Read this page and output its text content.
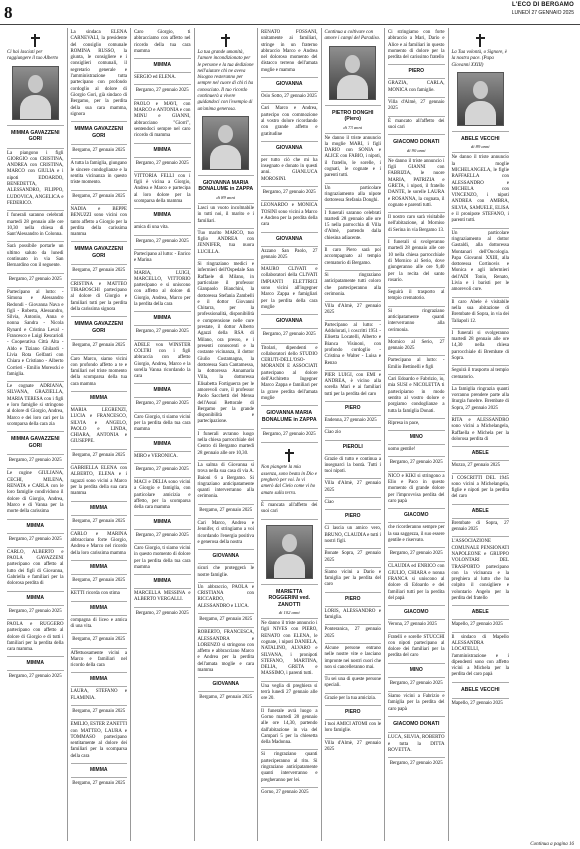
8	L'ECO DI BERGAMO
LUNEDÌ 27 GENNAIO 2025

Ci hai lasciati per raggiungere il tuo Alberto

MIMMA GAVAZZENI GORI

La piangono i figli GIORGIO con CRISTINA, ANDREA con CRISTINA, MARCO con GIULIA e i nipoti EDOARDO, BENEDETTA, ALESSANDRO, FILIPPO, LUDOVICA, ANGELICA e FEDERICO.

I funerali saranno celebrati martedì 28 gennaio alle ore 10,30 nella chiesa di Sant'Alessandro in Colonna.

Sarà possibile portarle un ultimo saluto da lunedì continuato in via San Bernardino con il seguente.

Bergamo, 27 gennaio 2025

Partecipano al lutto: - Simona e Alessandro Redondi - Giovanna Nava e figli - Roberta, Alessandro, Silvia, Antonio, Anna e nonna Sandra - Nicola Rynard e Cristina Leval - Francesco e Luigi Rescarioli - Cooperativa Città Alta - Aldo e Tiziano Ghilardi - Livia Rota Gelfanti con Chiara e Cristiano - Alberto Corrieri - Emilio Morescki e famiglia.

Le cognate ADRIANA, SILVANA, GRAZIELLA, MARIA TERESA con i figli e loro famiglie si stringono al dolore di Giorgio, Andrea, Marco e dei loro cari per la scomparsa della cara zia

MIMMA GAVAZZENI GORI
Bergamo, 27 gennaio 2025

Le cugine GIULIANA, CECHI, MILENA, RENATA e CARLA con le loro famiglie condividono il dolore di Giorgio, Andrea, Marco e di Vanna per la morte della carissima

MIMMA
Bergamo, 27 gennaio 2025

CARLO, ALBERTO e PAOLA GAVAZZENI partecipano con affetto al lutto dei figli di Giovanna, Gabriella e familiari per la dolorosa perdita di

MIMMA
Bergamo, 27 gennaio 2025

PAOLA e RUGGERO partecipano con affetto al dolore di Giorgio e di tutti i familiari per la perdita della cara mamma.

MIMMA
Bergamo, 27 gennaio 2025

La sindaca ELENA CARNEVALI, la presidente del consiglio comunale ROMINA RUSSO, la giunta, le consigliere e i consiglieri comunali, il segretario generale e l'amministrazione tutta partecipano con profondo cordoglio al dolore di Giorgio Gori, già sindaco di Bergamo, per la perdita della sua cara mamma, signora

MIMMA GAVAZZENI GORI
Bergamo, 27 gennaio 2025

A tutta la famiglia, giungano le sincere condoglianze e la sentita vicinanza in questo triste momento.

Bergamo, 27 gennaio 2025

NADIA e BEPPE BENUZZI sono vicini con tanto affetto a Giorgio per la perdita della carissima mamma

MIMMA GAVAZZENI GORI
Bergamo, 27 gennaio 2025

CRISTINA e MATTEO TIRABOSCHI partecipano al dolore di Giorgio e familiari tutti per la perdita della carissima signora

MIMMA GAVAZZENI GORI
Bergamo, 27 gennaio 2025

Caro Marco, siamo vicini con profondo affetto a te e familiari nel triste momento della scomparsa della tua cara mamma

MIMMA

MARIA LEGRENZI, LUCIA e FRANCESCO, SILVIA e ANGELO, PAOLO e LINDA, CHIARA, ANTONIA e GIUSEPPE.

Bergamo, 27 gennaio 2025

GABRIELLA ELENA con ALBERTO, ELENA e i ragazzi sono vicini a Marco per la perdita della sua cara mamma

MIMMA
Bergamo, 27 gennaio 2025

CARLO e MARINA abbracciano forte Giorgio, Andrea e Marco nel ricordo della loro carissima mamma

MIMMA
Bergamo, 27 gennaio 2025

KETTI ricorda con stima

MIMMA

compagna di liceo e amica di una vita.

Bergamo, 27 gennaio 2025

Affettuosamente vicini a Marco e familiari nel ricordo della cara

MIMMA

LAURA, STEFANO e FLAMINIA.

Bergamo, 27 gennaio 2025

EMILIO, ESTER ZANETTI con MATTEO, LAURA e TOMMASO partecipano sentitamente al dolore dei familiari per la scomparsa della cara

MIMMA
Bergamo, 27 gennaio 2025

Caro Giorgio, ti abbracciamo con affetto nel ricordo della tua cara mamma

MIMMA

SERGIO ed ELENA.

Bergamo, 27 gennaio 2025

PAOLO e MAVI, con MARCO e ANTONIA e con MINU e GIANNI, abbracciano "Giorri", sentendoci sempre nel caro ricordo di mamma

MIMMA
Bergamo, 27 gennaio 2025

VITTORIA FELLI con i figli è vicina a Giorgio, Andrea e Marco e partecipa al loro dolore per la scomparsa della mamma

MIMMA

amica di una vita.

Bergamo, 27 gennaio 2025

Partecipano al lutto: - Enrico e Marina

MARIA, LUIGI, MARCELLO, VITTORIO partecipano e si uniscono con affetto al dolore di Giorgio, Andrea, Marco per la perdita della cara

MIMMA
Bergamo, 27 gennaio 2025

ADELE von WINSTER COLTRI con i figli abbraccia con affetto Giorgio, Andrea, Marco e la sorella Vanna ricordando la cara

MIMMA
Bergamo, 27 gennaio 2025

Caro Giorgio, ti siamo vicini per la perdita della tua cara mamma

MIMMA

MIRO e VERONICA.

Bergamo, 27 gennaio 2025

MACI e DELIA sono vicini a Giorgio e famiglia, con particolare amicizia e affetto, per la scomparsa della cara mamma

MIMMA
Bergamo, 27 gennaio 2025

Caro Giorgio, ti siamo vicini in questo momento di dolore per la perdita della tua cara mamma

MIMMA

MARCELLA MESSINA e ALBERTO VERGALLI.

Bergamo, 27 gennaio 2025

La tua grande umanità, l'amore incondizionato per le persone e la tua dedizione nell'aiutare chi ne aveva bisogno resteranno per sempre nel cuore di chi ti ha conosciuto. Il tuo ricordo continuerà a vivere guidandoci con l'esempio di un'anima generosa.

GIOVANNA MARIA BONALUME in ZAPPA
di 89 anni

Lasci un vuoto incolmabile in tutti noi, il marito e i familiari.

Tuo marito MARCO, tuo figlio ANDREA con JENNIFER, tua nuora LUCILLA.

Si ringraziano medici e infermieri dell'Ospedale San Raffaele di Milano, in particolare il professor Gianpaolo Bianchini, la dottoressa Stefania Zambelli e il dottor Giovanni Chitarra, per la professionalità, disponibilità e comprensione nelle cure prestate, il dottor Alberto Agazzi della RSA di Milano, ora presso, e i presenti conoscenti e la costante vicinanza, il dottor Giulio Costamagna, la dottoressa Sara Cantamessa, la dottoressa Annamaria Villa, la dottoressa Elisabetta Fortiguerra per le amorevoli cure, il professor Paolo Sacchetti del Mensa dell'Assai Rettorale di Bergamo per la grande disponibilità e partecipazione.

I funerali avranno luogo nella chiesa parrocchiale del Centro di Bergamo martedì 28 gennaio alle ore 10,30.

La salma di Giovanna si trova nella sua casa di via A. Baioni 6 a Bergamo. Si ringraziano anticipatamente quanti interverranno alla cerimonia.

Bergamo, 27 gennaio 2025

Cari Marco, Andrea e Jennifer, ci stringiamo a voi ricordando l'energia positiva e generosa della nostra

GIOVANNA

sicuri che proteggerà le nostre famiglie.

Un abbraccio, PAOLA e CRISTIANA con RICCARDO, ALESSANDRO e LUCA.

Bergamo, 27 gennaio 2025

ROBERTO, FRANCESCA, ALESSANDRA e LORENZO si stringono con affetto e abbracciano Marco e Andrea per la perdita dell'amata moglie e cara mamma

GIOVANNA
Bergamo, 27 gennaio 2025

RENATO FOSSANI, unitamente ai familiari, stringe in un fraterno abbraccio Marco e Andrea nel doloroso momento del distacco terreno dell'amata moglie e mamma

GIOVANNA

Osio Sotto, 27 gennaio 2025

Cari Marco e Andrea, partecipo con commozione al vostro dolore ricordando con grande affetto e gratitudine

GIOVANNA

per tutto ciò che mi ha insegnato e donato in questi anni. GIANLUCA MOROSINI.

Bergamo, 27 gennaio 2025

LEONARDO e MONICA TOSINI sono vicini a Marco e Andrea per la perdita della cara

GIOVANNA

Azzano San Paolo, 27 gennaio 2025

MAURO CLIVATI e collaboratori della CLIVATI IMPIANTI ELETTRICI sono vicini all'ingegner Marco Zappa e famigliari per la perdita della cara moglie

GIOVANNA
Bergamo, 27 gennaio 2025

Titolari, dipendenti e collaboratori dello STUDIO CERUTI-DELL'OSO-MORANDI E ASSOCIATI partecipano al dolore dell'Architetto Ingegner Marco Zappa e familiari per la grave perdita dell'amata moglie

GIOVANNA MARIA BONALUME in ZAPPA
Bergamo, 27 gennaio 2025

Non piangete la mia assenza, sono beata in Dio e pregherò per voi. Io vi amerò dal Cielo come vi ho amato sulla terra.

È mancata all'affetto dei suoi cari

MARIETTA ROGGERINI ved. ZANOTTI
di 102 anni

Ne danno il triste annuncio i figli NIVES con PIERO, RENATO con ELENA, le cognate, i nipoti DANIELA, NATALINO, ALVARO e SILVANA, i pronipoti STEFANO, MARTINA, DELIA, GRETA e MASSIMO, i parenti tutti.

Una veglia di preghiera si terrà lunedì 27 gennaio alle ore 20.

Il funerale avrà luogo a Gorno martedì 28 gennaio alle ore 14,30, partendo dall'abitazione in via del Campari 5 per la chiesetta della Madonna.

Si ringraziano quanti parteciperanno al rito. Si ringraziano anticipatamente quanti interverranno e pregheranno per lei.

Gorno, 27 gennaio 2025

Continua a coltivare con amore i campi del Paradiso.

PIETRO DONGHI (Piero)
di 73 anni

Ne danno il triste annuncio la moglie MARI, i figli DARIO con SONIA e ALICE con FABIO, i nipoti, il fratello, le sorelle, i cognati, le cognate e i parenti tutti.

Un particolare ringraziamento alla nipote dottoressa Stefania Donghi.

I funerali saranno celebrati martedì 28 gennaio alle ore 15 nella parrocchia di Villa d'Almè, partendo dalla chiesina adiacente.

Il caro Piero sarà poi accompagnato al tempio crematorio di Bergamo.

Si ringraziano anticipatamente tutti coloro che parteciperanno alla cerimonia.

Villa d'Almè, 27 gennaio 2025

Partecipano al lutto: - Addolorati, i coscritti 1951 - Elisetta Locatelli, Alberto e Bianca Visinoni, con profondo cordoglio - Cristina e Walter - Luisa e Renzo

PIER LUIGI, con EMI e ANDREA, è vicino alla sorella Mari e ai familiari tutti per la perdita del caro

PIERO

Endenna, 27 gennaio 2025

Ciao zio

PIEROLI

Grazie di tutto e continua a insegnarci la bontà. Tutti i tuoi nipoti.

Villa d'Almè, 27 gennaio 2025

Ciao

PIERO

Ci lascia un amico vero, BRUNO, CLAUDIA e tutti i nostri figli.

Bonate Sopra, 27 gennaio 2025

Siamo vicini a Dario e famiglia per la perdita del caro

PIERO

LORIS, ALESSANDRO e famiglia.

Ponteranica, 27 gennaio 2025

Alcune persone entrano nelle nostre vite e lasciano impronte nei nostri cuori che non si cancelleranno mai.

Tu sei una di queste persone speciali.

Grazie per la tua amicizia.

PIERO

I tuoi AMICI ATOMI con le loro famiglie.

Villa d'Almè, 27 gennaio 2025

Ci stringiamo con forte abbraccio a Mari, Dario e Alice e ai familiari in questo momento di dolore per la perdita del carissimo fratello

PIERO

GRAZIA, CARLA, MONICA con famiglie.

Villa d'Almè, 27 gennaio 2025

È mancato all'affetto dei suoi cari

GIACOMO DONATI
di 90 anni

Ne danno il triste annuncio i figli GIANNI con FABRIZIA, le nuore MARIA, PATRIZIA e GRETA, i nipoti, il fratello DANTE, le sorelle LAURA e ROSANNA, la cognata, il cognato e parenti tutti.

Il nostro caro sarà visitabile nell'abitazione, al Morniso di Serina in via Bergamo 13.

I funerali si svolgeranno martedì 28 gennaio alle ore 10 nella chiesa parrocchiale di Mornico al Serio, dove giungeranno alle ore 9,40 per la recita del santo rosario.

Seguirà il trasporto al tempio crematorio.

Si ringraziano anticipatamente quanti interverranno alla cerimonia.

Mornico al Serio, 27 gennaio 2025

Partecipano al lutto: - Emilio Bettinelli e figli

Cari Edoardo e Fabrizio, io, mia SUSI e NICOLETTA ti partecipiamo in modo sentito al vostro dolore e porgiamo condoglianze a tutta la famiglia Donati.

Ripresa in pace,

MINO

uomo gentile!

Bergamo, 27 gennaio 2025

NICO e KIKI si stringono a Elio e Paco in questo momento di grande dolore per l'improvvisa perdita del caro papà

GIACOMO

che ricorderanno sempre per la sua saggezza, il suo essere gentile e riservato.

Bergamo, 27 gennaio 2025

CLAUDIA ed ENRICO con GIULIO, CHIARA e nonna FRANCA si uniscono al dolore di Edoardo e dei familiari tutti per la perdita del papà

GIACOMO

Verona, 27 gennaio 2025

Fratelli e sorelle STUCCHI con nipoti partecipano al dolore dei familiari per la perdita del caro

MINO
Bergamo, 27 gennaio 2025

Siamo vicini a Fabrizio e famiglia per la perdita del caro papà

GIACOMO DONATI

LUCA, SILVIA, ROBERTO e tutta la DITTA ROVETTA.

Bergamo, 27 gennaio 2025

La Tua volontà, o Signore, è la nostra pace. (Papa Giovanni XXIII)

ABELE VECCHI
di 89 anni

Ne danno il triste annuncio la moglie MICHELANGELA, le figlie RAFFAELLA con ALESSANDRO e MICHELA con VINCENZO, i nipoti ANDREA con AMBRA, SILVIA, SAMUELE, ELISA e il pronipote STEFANO, i parenti tutti.

Un particolare ringraziamento al dottor Gastaldi, alla dottoressa Montanari dell'Oncologia. Papa Giovanni XXIII, alla dottoressa Cortinovis e Monica e agli infermieri dell'ADI Tonio, Renato, Livia e i baristi per le amorevoli cure.

Il caro Abele è visitabile nella sua abitazione di Brembate di Sopra, in via dei Taliapoli 12.

I funerali si svolgeranno martedì 28 gennaio alle ore 14,30 nella chiesa parrocchiale di Brembate di Sopra.

Seguirà il trasporto al tempio crematorio.

La famiglia ringrazia quanti vorranno prendere parte alla liturgia funebre. Brembate di Sopra, 27 gennaio 2025

RITA e ALESSANDRO sono vicini a Michelangela, Raffaella e Michela per la dolorosa perdita di

ABELE

Mozzo, 27 gennaio 2025

I COSCRITTI DEL 1945 sono vicini a Michelangela, figlie e nipoti per la perdita del caro

ABELE

Brembate di Sopra, 27 gennaio 2025

L'ASSOCIAZIONE COMUNALE PENSIONATI NAPOLEONE e GRUPPO VOLONTARI DEL TRASPORTO partecipano con la vicinanza e la preghiera al lutto che ha colpito il consigliere e volontario Angelo per la perdita del fratello

ABELE

Mapello, 27 gennaio 2025

Il sindaco di Mapello ALESSANDRA LOCATELLI, l'amministrazione e i dipendenti sono con affetto vicini a Michela per la perdita del caro papà

ABELE VECCHI

Mapello, 27 gennaio 2025

Continua a pagina 16
